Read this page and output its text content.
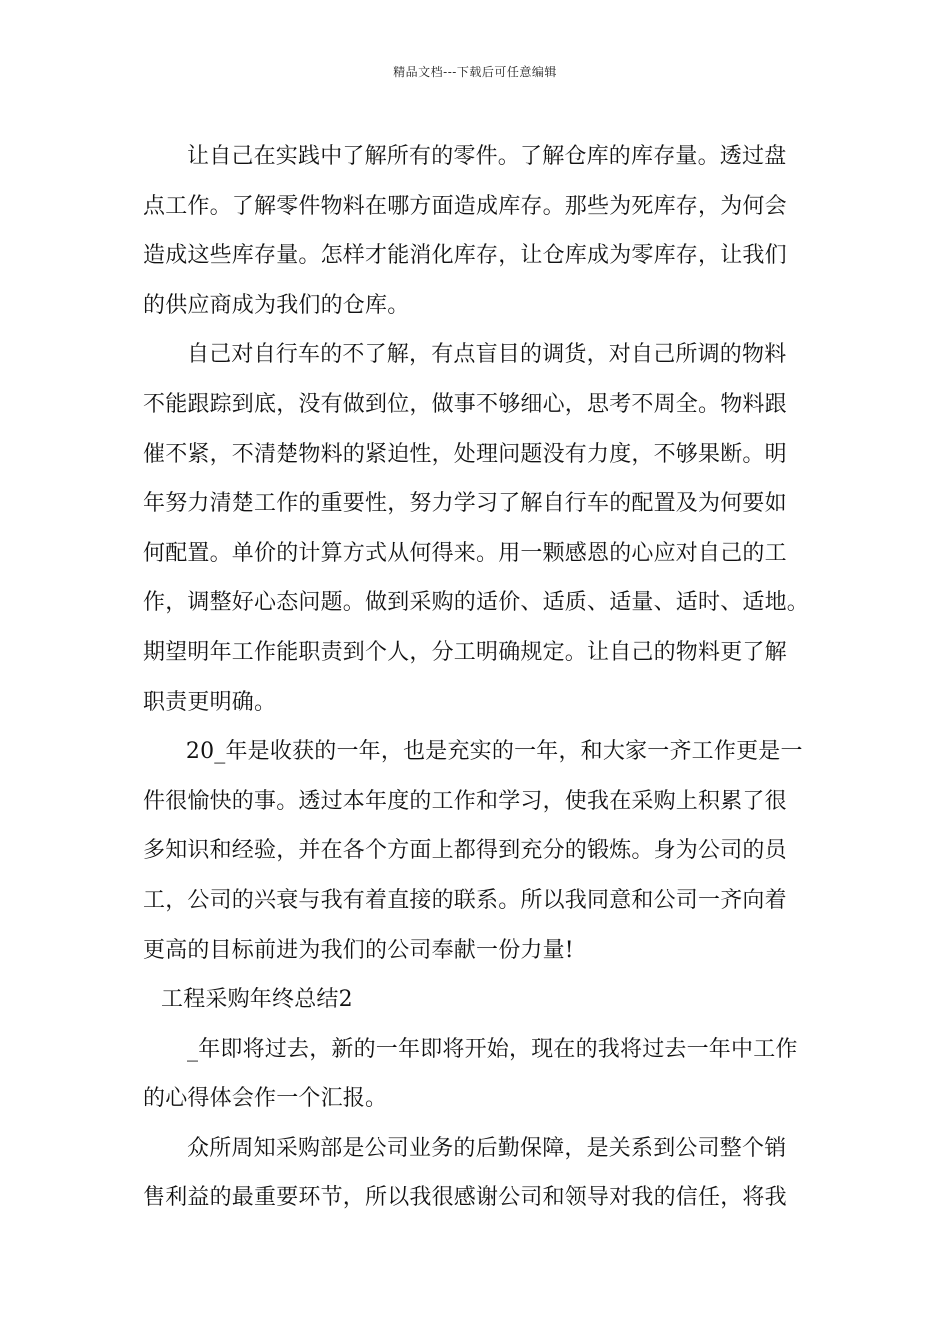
精品文档---下载后可任意编辑
让自己在实践中了解所有的零件。了解仓库的库存量。透过盘
点工作。了解零件物料在哪方面造成库存。那些为死库存，为何会
造成这些库存量。怎样才能消化库存，让仓库成为零库存，让我们
的供应商成为我们的仓库。
自己对自行车的不了解，有点盲目的调货，对自己所调的物料
不能跟踪到底，没有做到位，做事不够细心，思考不周全。物料跟
催不紧，不清楚物料的紧迫性，处理问题没有力度，不够果断。明
年努力清楚工作的重要性，努力学习了解自行车的配置及为何要如
何配置。单价的计算方式从何得来。用一颗感恩的心应对自己的工
作，调整好心态问题。做到采购的适价、适质、适量、适时、适地。
期望明年工作能职责到个人，分工明确规定。让自己的物料更了解
职责更明确。
20_年是收获的一年，也是充实的一年，和大家一齐工作更是一
件很愉快的事。透过本年度的工作和学习，使我在采购上积累了很
多知识和经验，并在各个方面上都得到充分的锻炼。身为公司的员
工，公司的兴衰与我有着直接的联系。所以我同意和公司一齐向着
更高的目标前进为我们的公司奉献一份力量!
工程采购年终总结2
_年即将过去，新的一年即将开始，现在的我将过去一年中工作
的心得体会作一个汇报。
众所周知采购部是公司业务的后勤保障，是关系到公司整个销
售利益的最重要环节，所以我很感谢公司和领导对我的信任，将我
